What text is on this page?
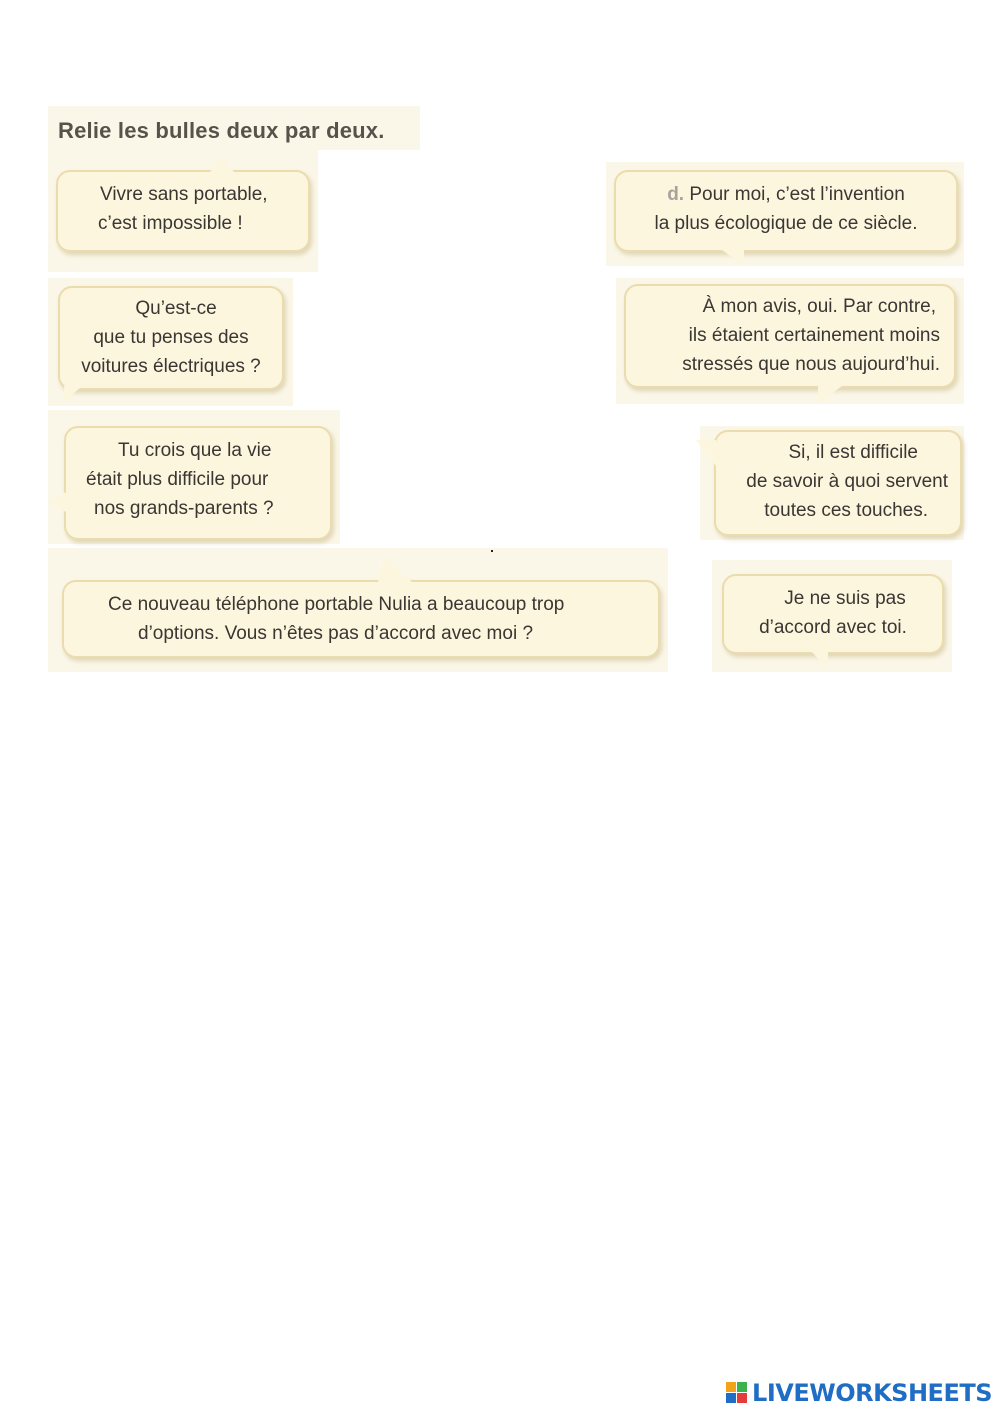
Relie les bulles deux par deux.
Vivre sans portable,
c’est impossible !
Qu’est-ce
que tu penses des
voitures électriques ?
Tu crois que la vie
était plus difficile pour
nos grands-parents ?
Ce nouveau téléphone portable Nulia a beaucoup trop
d’options. Vous n’êtes pas d’accord avec moi ?
d. Pour moi, c’est l’invention
la plus écologique de ce siècle.
À mon avis, oui. Par contre,
ils étaient certainement moins
stressés que nous aujourd’hui.
Si, il est difficile
de savoir à quoi servent
toutes ces touches.
Je ne suis pas
d’accord avec toi.
LIVEWORKSHEETS
